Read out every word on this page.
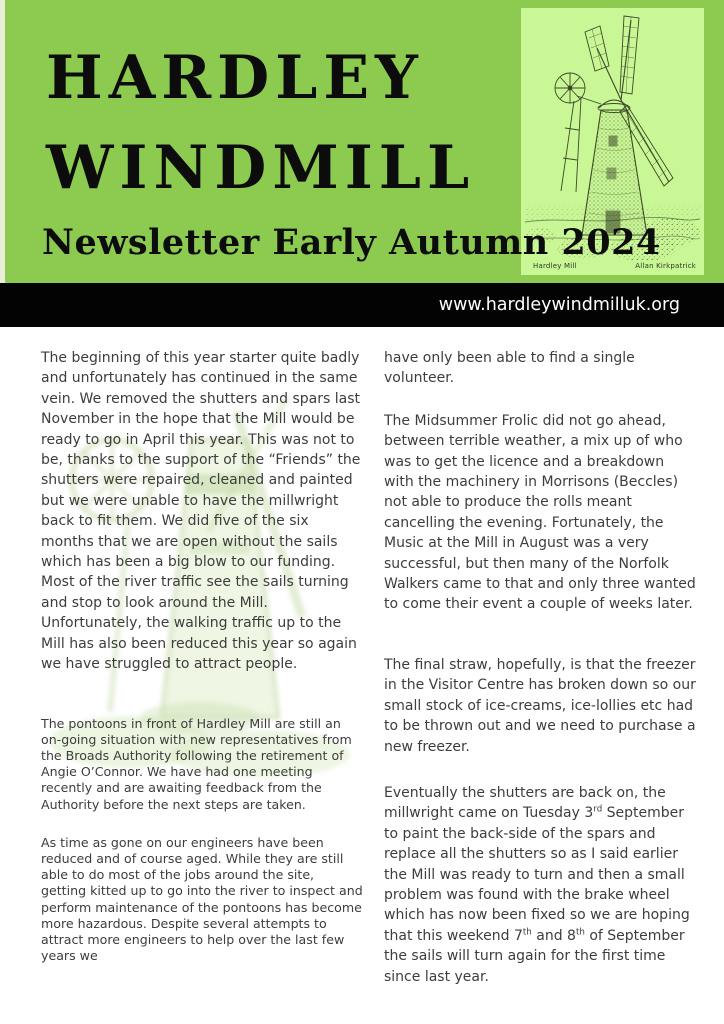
HARDLEY
WINDMILL
Hardley Mill	Allan Kirkpatrick
Newsletter Early Autumn 2024
www.hardleywindmilluk.org

The beginning of this year starter quite badly and unfortunately has continued in the same vein. We removed the shutters and spars last November in the hope that the Mill would be ready to go in April this year. This was not to be, thanks to the support of the “Friends” the shutters were repaired, cleaned and painted but we were unable to have the millwright back to fit them. We did five of the six months that we are open without the sails which has been a big blow to our funding. Most of the river traffic see the sails turning and stop to look around the Mill. Unfortunately, the walking traffic up to the Mill has also been reduced this year so again we have struggled to attract people.

The pontoons in front of Hardley Mill are still an on-going situation with new representatives from the Broads Authority following the retirement of Angie O’Connor. We have had one meeting recently and are awaiting feedback from the Authority before the next steps are taken.

As time as gone on our engineers have been reduced and of course aged. While they are still able to do most of the jobs around the site, getting kitted up to go into the river to inspect and perform maintenance of the pontoons has become more hazardous. Despite several attempts to attract more engineers to help over the last few years we

have only been able to find a single volunteer.

The Midsummer Frolic did not go ahead, between terrible weather, a mix up of who was to get the licence and a breakdown with the machinery in Morrisons (Beccles) not able to produce the rolls meant cancelling the evening. Fortunately, the Music at the Mill in August was a very successful, but then many of the Norfolk Walkers came to that and only three wanted to come their event a couple of weeks later.

The final straw, hopefully, is that the freezer in the Visitor Centre has broken down so our small stock of ice-creams, ice-lollies etc had to be thrown out and we need to purchase a new freezer.

Eventually the shutters are back on, the millwright came on Tuesday 3rd September to paint the back-side of the spars and replace all the shutters so as I said earlier the Mill was ready to turn and then a small problem was found with the brake wheel which has now been fixed so we are hoping that this weekend 7th and 8th of September the sails will turn again for the first time since last year.
